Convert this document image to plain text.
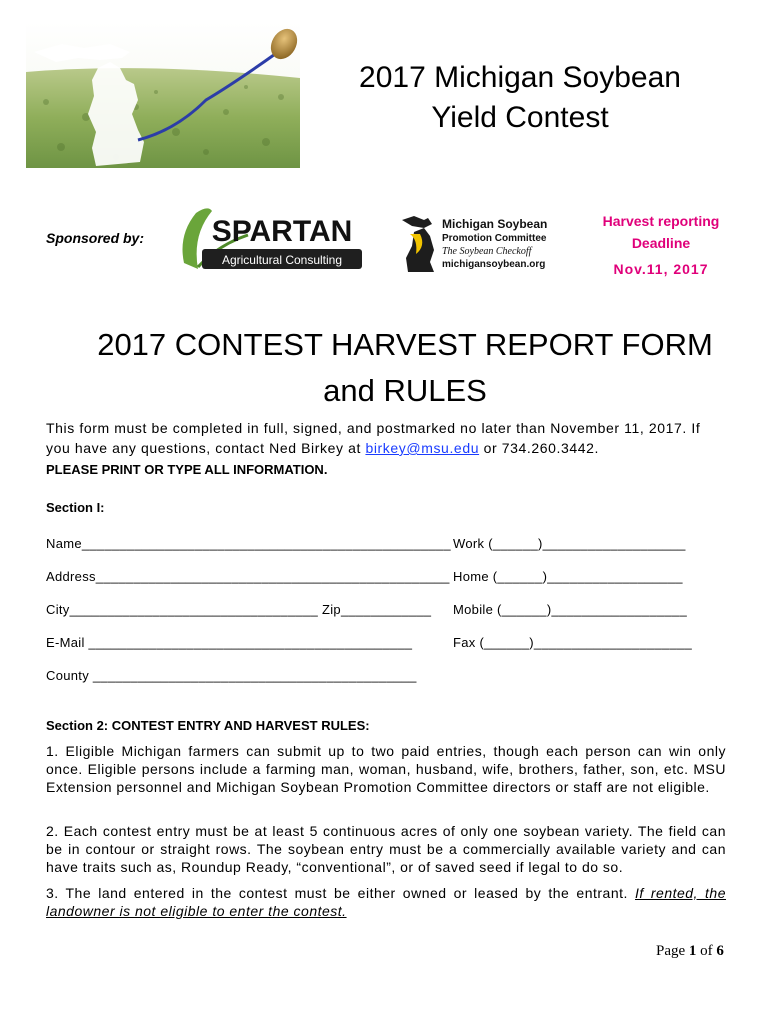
2017 Michigan Soybean
Yield Contest
Sponsored by: SPARTAN
Agricultural Consulting
Michigan Soybean
Promotion Committee
The Soybean Checkoff
michigansoybean.org
Harvest reporting
Deadline
Nov.11, 2017
2017 CONTEST HARVEST REPORT FORM
and RULES
This form must be completed in full, signed, and postmarked no later than November 11, 2017. If you have any questions, contact Ned Birkey at birkey@msu.edu or 734.260.3442.
PLEASE PRINT OR TYPE ALL INFORMATION.
Section I:
Name_________________________________________________ Work (______)___________________
Address_______________________________________________ Home (______)__________________
City_________________________________ Zip____________ Mobile (______)__________________
E-Mail ___________________________________________	Fax (______)_____________________
County ___________________________________________
Section 2: CONTEST ENTRY AND HARVEST RULES:
1. Eligible Michigan farmers can submit up to two paid entries, though each person can win only once. Eligible persons include a farming man, woman, husband, wife, brothers, father, son, etc. MSU Extension personnel and Michigan Soybean Promotion Committee directors or staff are not eligible.
2. Each contest entry must be at least 5 continuous acres of only one soybean variety. The field can be in contour or straight rows. The soybean entry must be a commercially available variety and can have traits such as, Roundup Ready, “conventional”, or of saved seed if legal to do so.
3. The land entered in the contest must be either owned or leased by the entrant. If rented, the landowner is not eligible to enter the contest.
Page 1 of 6
